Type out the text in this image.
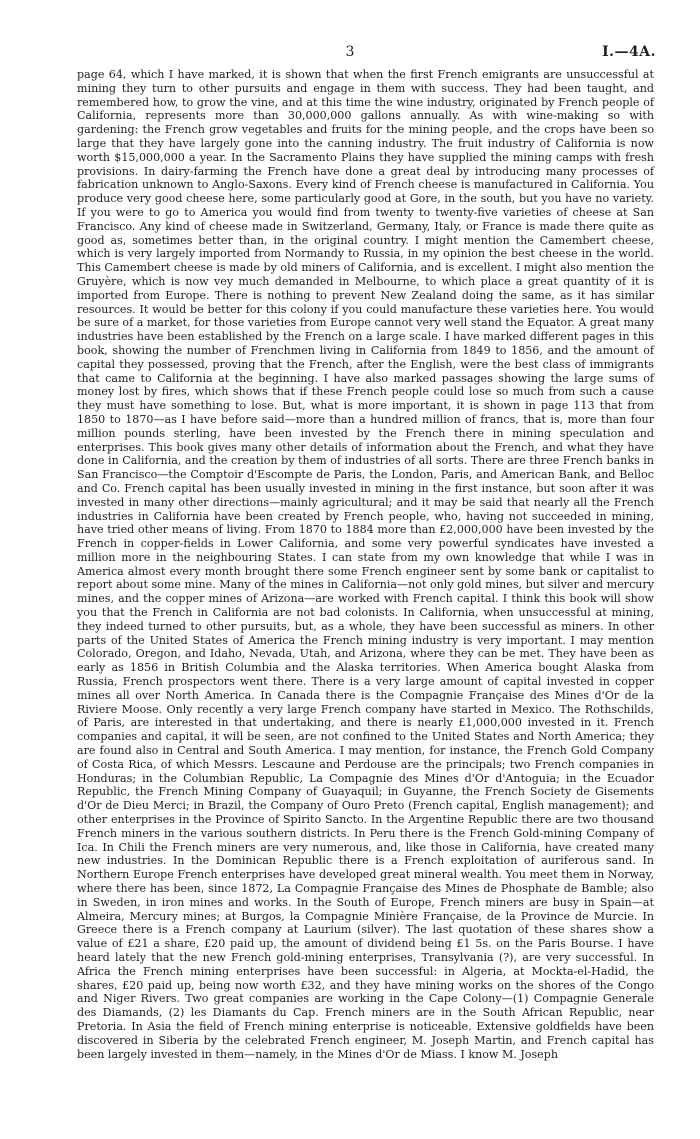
3	I.—4A.

page 64, which I have marked, it is shown that when the first French emigrants are unsuccessful at mining they turn to other pursuits and engage in them with success. They had been taught, and remembered how, to grow the vine, and at this time the wine industry, originated by French people of California, represents more than 30,000,000 gallons annually. As with wine-making so with gardening: the French grow vegetables and fruits for the mining people, and the crops have been so large that they have largely gone into the canning industry. The fruit industry of California is now worth $15,000,000 a year. In the Sacramento Plains they have supplied the mining camps with fresh provisions. In dairy-farming the French have done a great deal by introducing many processes of fabrication unknown to Anglo-Saxons. Every kind of French cheese is manufactured in California. You produce very good cheese here, some particularly good at Gore, in the south, but you have no variety. If you were to go to America you would find from twenty to twenty-five varieties of cheese at San Francisco. Any kind of cheese made in Switzerland, Germany, Italy, or France is made there quite as good as, sometimes better than, in the original country. I might mention the Camembert cheese, which is very largely imported from Normandy to Russia, in my opinion the best cheese in the world. This Camembert cheese is made by old miners of California, and is excellent. I might also mention the Gruyère, which is now vey much demanded in Melbourne, to which place a great quantity of it is imported from Europe. There is nothing to prevent New Zealand doing the same, as it has similar resources. It would be better for this colony if you could manufacture these varieties here. You would be sure of a market, for those varieties from Europe cannot very well stand the Equator. A great many industries have been established by the French on a large scale. I have marked different pages in this book, showing the number of Frenchmen living in California from 1849 to 1856, and the amount of capital they possessed, proving that the French, after the English, were the best class of immigrants that came to California at the beginning. I have also marked passages showing the large sums of money lost by fires, which shows that if these French people could lose so much from such a cause they must have something to lose. But, what is more important, it is shown in page 113 that from 1850 to 1870—as I have before said—more than a hundred million of francs, that is, more than four million pounds sterling, have been invested by the French there in mining speculation and enterprises. This book gives many other details of information about the French, and what they have done in California, and the creation by them of industries of all sorts. There are three French banks in San Francisco—the Comptoir d'Escompte de Paris, the London, Paris, and American Bank, and Belloc and Co. French capital has been usually invested in mining in the first instance, but soon after it was invested in many other directions—mainly agricultural; and it may be said that nearly all the French industries in California have been created by French people, who, having not succeeded in mining, have tried other means of living. From 1870 to 1884 more than £2,000,000 have been invested by the French in copper-fields in Lower California, and some very powerful syndicates have invested a million more in the neighbouring States. I can state from my own knowledge that while I was in America almost every month brought there some French engineer sent by some bank or capitalist to report about some mine. Many of the mines in California—not only gold mines, but silver and mercury mines, and the copper mines of Arizona—are worked with French capital. I think this book will show you that the French in California are not bad colonists. In California, when unsuccessful at mining, they indeed turned to other pursuits, but, as a whole, they have been successful as miners. In other parts of the United States of America the French mining industry is very important. I may mention Colorado, Oregon, and Idaho, Nevada, Utah, and Arizona, where they can be met. They have been as early as 1856 in British Columbia and the Alaska territories. When America bought Alaska from Russia, French prospectors went there. There is a very large amount of capital invested in copper mines all over North America. In Canada there is the Compagnie Française des Mines d'Or de la Riviere Moose. Only recently a very large French company have started in Mexico. The Rothschilds, of Paris, are interested in that undertaking, and there is nearly £1,000,000 invested in it. French companies and capital, it will be seen, are not confined to the United States and North America; they are found also in Central and South America. I may mention, for instance, the French Gold Company of Costa Rica, of which Messrs. Lescaune and Perdouse are the principals; two French companies in Honduras; in the Columbian Republic, La Compagnie des Mines d'Or d'Antoguia; in the Ecuador Republic, the French Mining Company of Guayaquil; in Guyanne, the French Society de Gisements d'Or de Dieu Merci; in Brazil, the Company of Ouro Preto (French capital, English management); and other enterprises in the Province of Spirito Sancto. In the Argentine Republic there are two thousand French miners in the various southern districts. In Peru there is the French Gold-mining Company of Ica. In Chili the French miners are very numerous, and, like those in California, have created many new industries. In the Dominican Republic there is a French exploitation of auriferous sand. In Northern Europe French enterprises have developed great mineral wealth. You meet them in Norway, where there has been, since 1872, La Compagnie Française des Mines de Phosphate de Bamble; also in Sweden, in iron mines and works. In the South of Europe, French miners are busy in Spain—at Almeira, Mercury mines; at Burgos, la Compagnie Minière Française, de la Province de Murcie. In Greece there is a French company at Laurium (silver). The last quotation of these shares show a value of £21 a share, £20 paid up, the amount of dividend being £1 5s. on the Paris Bourse. I have heard lately that the new French gold-mining enterprises, Transylvania (?), are very successful. In Africa the French mining enterprises have been successful: in Algeria, at Mockta-el-Hadid, the shares, £20 paid up, being now worth £32, and they have mining works on the shores of the Congo and Niger Rivers. Two great companies are working in the Cape Colony—(1) Compagnie Generale des Diamands, (2) les Diamants du Cap. French miners are in the South African Republic, near Pretoria. In Asia the field of French mining enterprise is noticeable. Extensive goldfields have been discovered in Siberia by the celebrated French engineer, M. Joseph Martin, and French capital has been largely invested in them—namely, in the Mines d'Or de Miass. I know M. Joseph
